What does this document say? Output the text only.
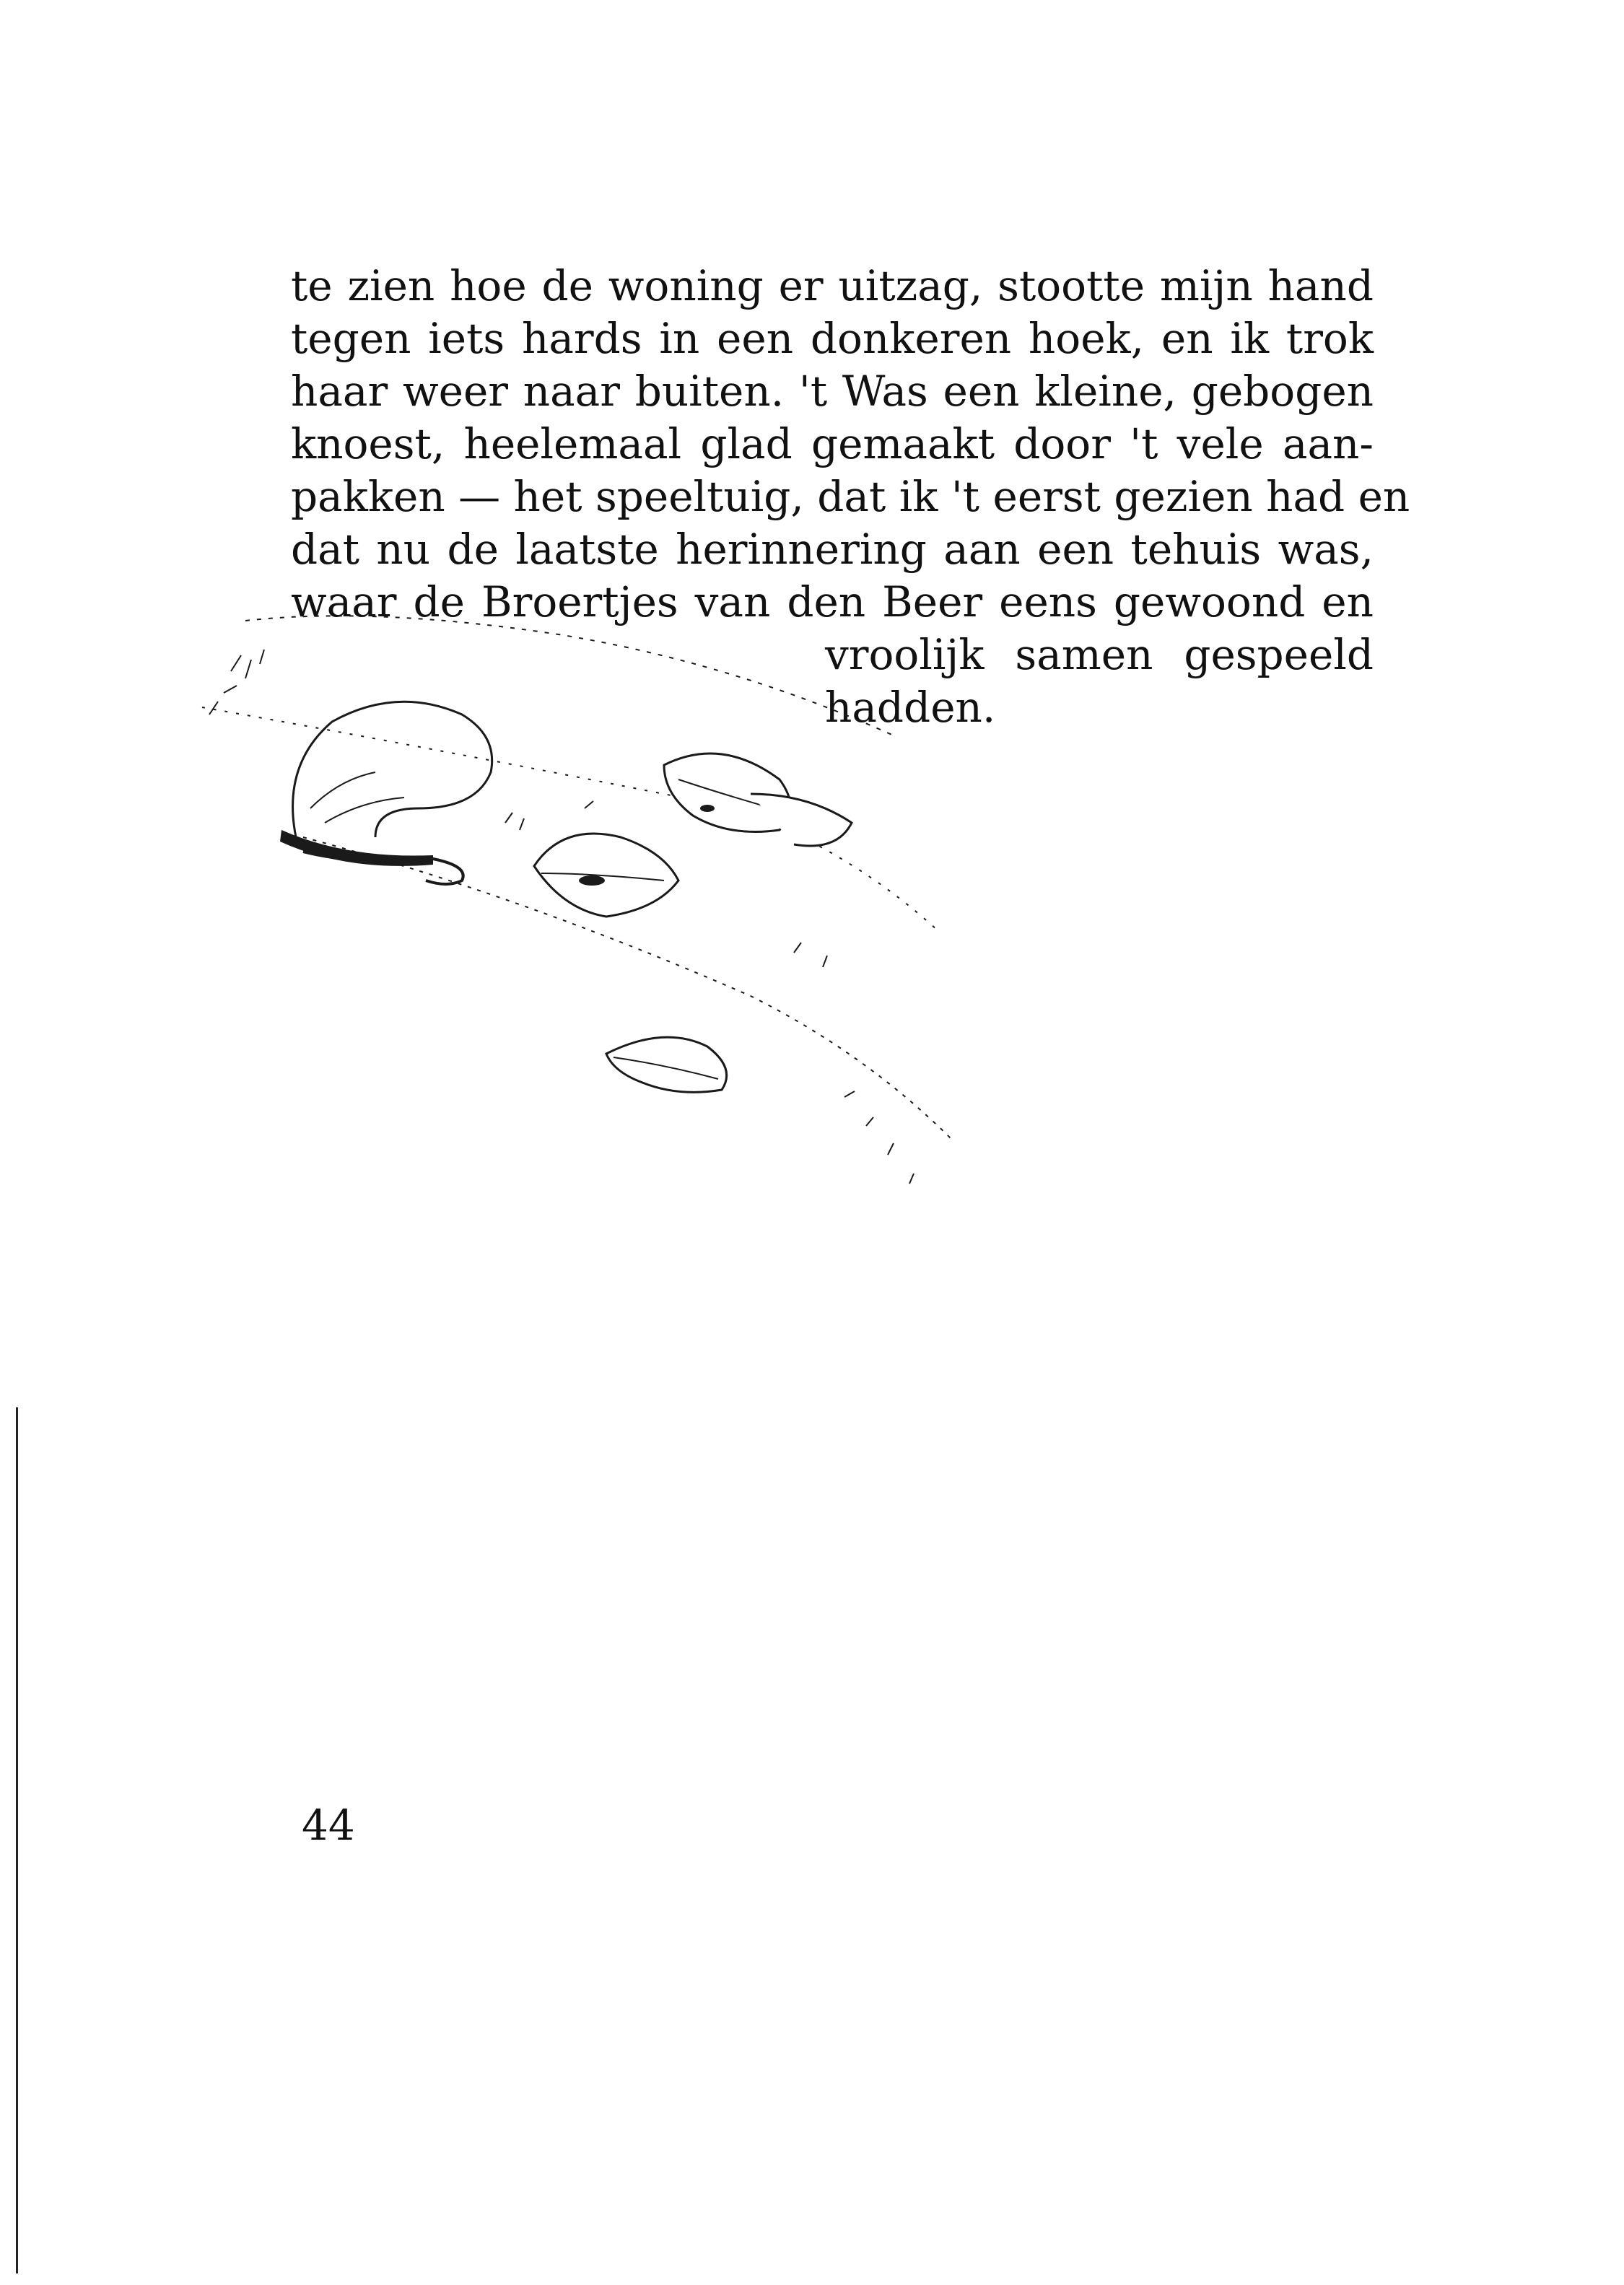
te zien hoe de woning er uitzag, stootte mijn hand
tegen iets hards in een donkeren hoek, en ik trok
haar weer naar buiten. 't Was een kleine, gebogen
knoest, heelemaal glad gemaakt door 't vele aan-
pakken — het speeltuig, dat ik 't eerst gezien had en
dat nu de laatste herinnering aan een tehuis was,
waar de Broertjes van den Beer eens gewoond en
vroolijk samen gespeeld
hadden.
44
